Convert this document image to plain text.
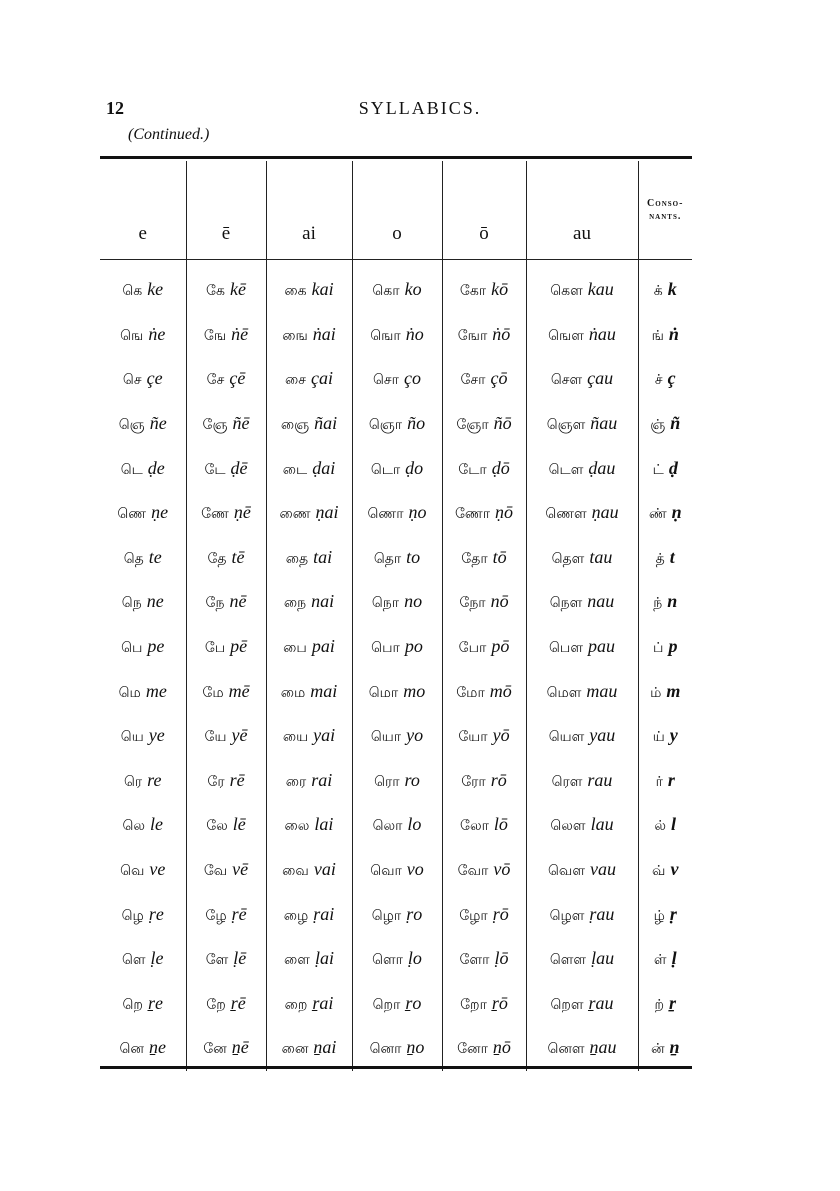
12	SYLLABICS.
(Continued.)
e	ē	ai	o	ō	au	Conso-nants.
கெ ke	கே kē	கை kai	கொ ko	கோ kō	கௌ kau	க் k
ஙெ ṅe	ஙே ṅē	ஙை ṅai	ஙொ ṅo	ஙோ ṅō	ஙௌ ṅau	ங் ṅ
செ çe	சே çē	சை çai	சொ ço	சோ çō	சௌ çau	ச் ç
ஞெ ñe	ஞே ñē	ஞை ñai	ஞொ ño	ஞோ ñō	ஞௌ ñau	ஞ் ñ
டெ ḍe	டே ḍē	டை ḍai	டொ ḍo	டோ ḍō	டௌ ḍau	ட் ḍ
ணெ ṇe	ணே ṇē	ணை ṇai	ணொ ṇo	ணோ ṇō	ணௌ ṇau	ண் ṇ
தெ te	தே tē	தை tai	தொ to	தோ tō	தௌ tau	த் t
நெ ne	நே nē	நை nai	நொ no	நோ nō	நௌ nau	ந் n
பெ pe	பே pē	பை pai	பொ po	போ pō	பௌ pau	ப் p
மெ me	மே mē	மை mai	மொ mo	மோ mō	மௌ mau	ம் m
யெ ye	யே yē	யை yai	யொ yo	யோ yō	யௌ yau	ய் y
ரெ re	ரே rē	ரை rai	ரொ ro	ரோ rō	ரௌ rau	ர் r
லெ le	லே lē	லை lai	லொ lo	லோ lō	லௌ lau	ல் l
வெ ve	வே vē	வை vai	வொ vo	வோ vō	வௌ vau	வ் v
ழெ ṛe	ழே ṛē	ழை ṛai	ழொ ṛo	ழோ ṛō	ழௌ ṛau	ழ் ṛ
ளெ ḷe	ளே ḷē	ளை ḷai	ளொ ḷo	ளோ ḷō	ளௌ ḷau	ள் ḷ
றெ ṟe	றே ṟē	றை ṟai	றொ ṟo	றோ ṟō	றௌ ṟau	ற் ṟ
னெ ṉe	னே ṉē	னை ṉai	னொ ṉo	னோ ṉō	னௌ ṉau	ன் ṉ
